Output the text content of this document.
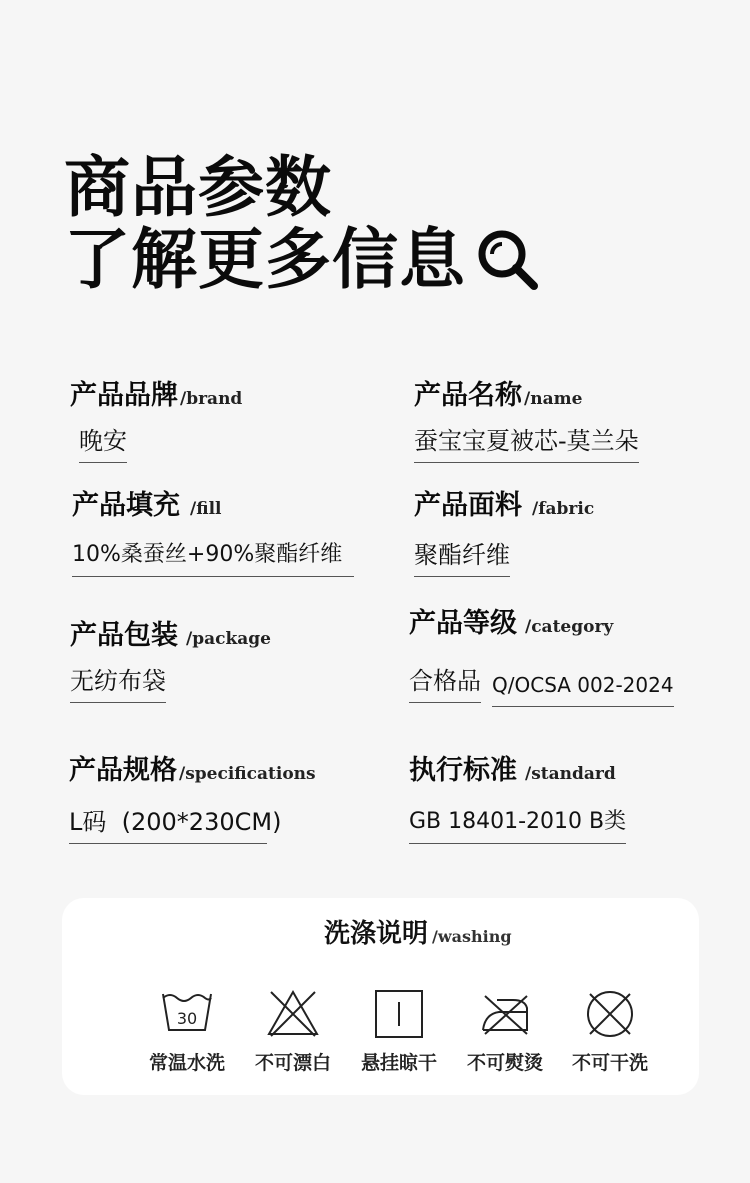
商品参数
了解更多信息
产品品牌 /brand
晚安
产品名称 /name
蚕宝宝夏被芯-莫兰朵
产品填充 /fill
10%桑蚕丝+90%聚酯纤维
产品面料 /fabric
聚酯纤维
产品包装 /package
无纺布袋
产品等级 /category
合格品 Q/OCSA 002-2024
产品规格 /specifications
L码  (200*230CM)
执行标准 /standard
GB 18401-2010 B类
洗涤说明 /washing
30
常温水洗	不可漂白	悬挂晾干	不可熨烫	不可干洗
